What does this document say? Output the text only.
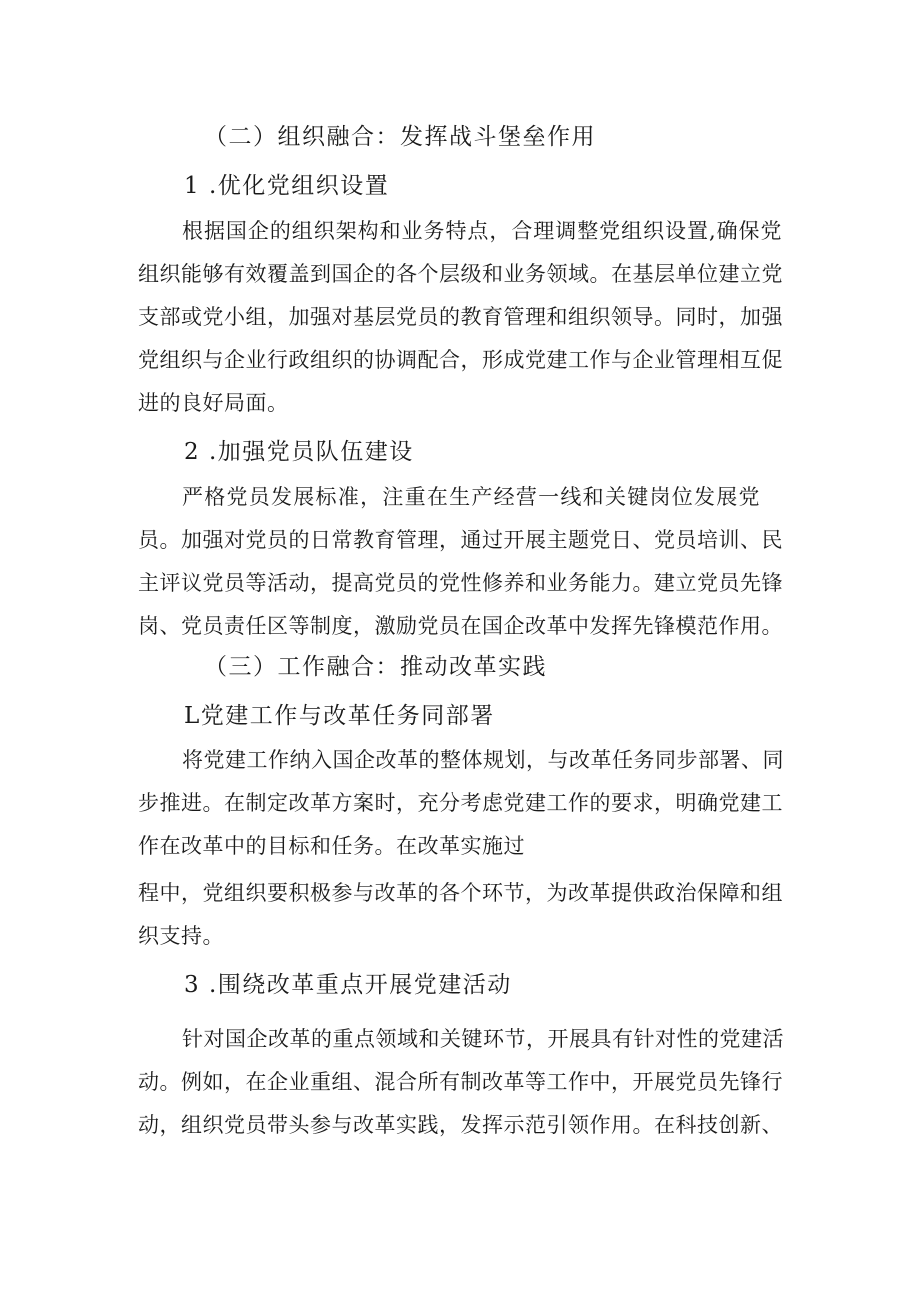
（二）组织融合：发挥战斗堡垒作用
1 .优化党组织设置
根据国企的组织架构和业务特点，合理调整党组织设置,确保党
组织能够有效覆盖到国企的各个层级和业务领域。在基层单位建立党
支部或党小组，加强对基层党员的教育管理和组织领导。同时，加强
党组织与企业行政组织的协调配合，形成党建工作与企业管理相互促
进的良好局面。
2 .加强党员队伍建设
严格党员发展标准，注重在生产经营一线和关键岗位发展党
员。加强对党员的日常教育管理，通过开展主题党日、党员培训、民
主评议党员等活动，提高党员的党性修养和业务能力。建立党员先锋
岗、党员责任区等制度，激励党员在国企改革中发挥先锋模范作用。
（三）工作融合：推动改革实践
L党建工作与改革任务同部署
将党建工作纳入国企改革的整体规划，与改革任务同步部署、同
步推进。在制定改革方案时，充分考虑党建工作的要求，明确党建工
作在改革中的目标和任务。在改革实施过
程中，党组织要积极参与改革的各个环节，为改革提供政治保障和组
织支持。
3 .围绕改革重点开展党建活动
针对国企改革的重点领域和关键环节，开展具有针对性的党建活
动。例如，在企业重组、混合所有制改革等工作中，开展党员先锋行
动，组织党员带头参与改革实践，发挥示范引领作用。在科技创新、
